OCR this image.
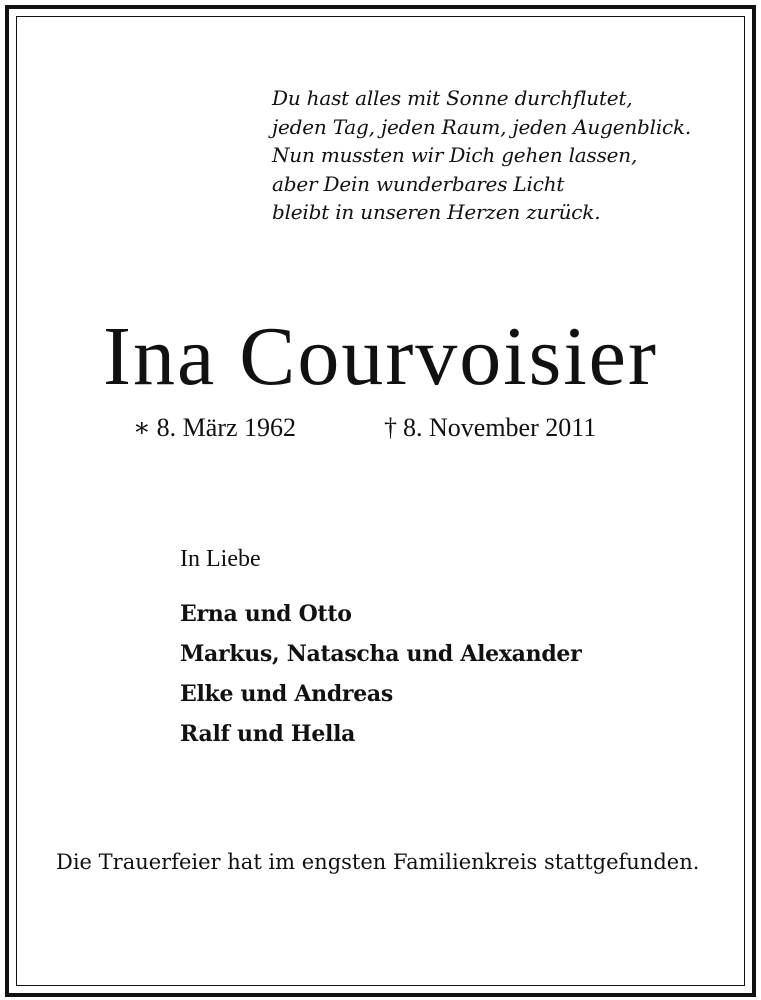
Du hast alles mit Sonne durchflutet,
jeden Tag, jeden Raum, jeden Augenblick.
Nun mussten wir Dich gehen lassen,
aber Dein wunderbares Licht
bleibt in unseren Herzen zurück.

Ina Courvoisier
∗ 8. März 1962	† 8. November 2011
In Liebe
Erna und Otto
Markus, Natascha und Alexander
Elke und Andreas
Ralf und Hella

Die Trauerfeier hat im engsten Familienkreis stattgefunden.
